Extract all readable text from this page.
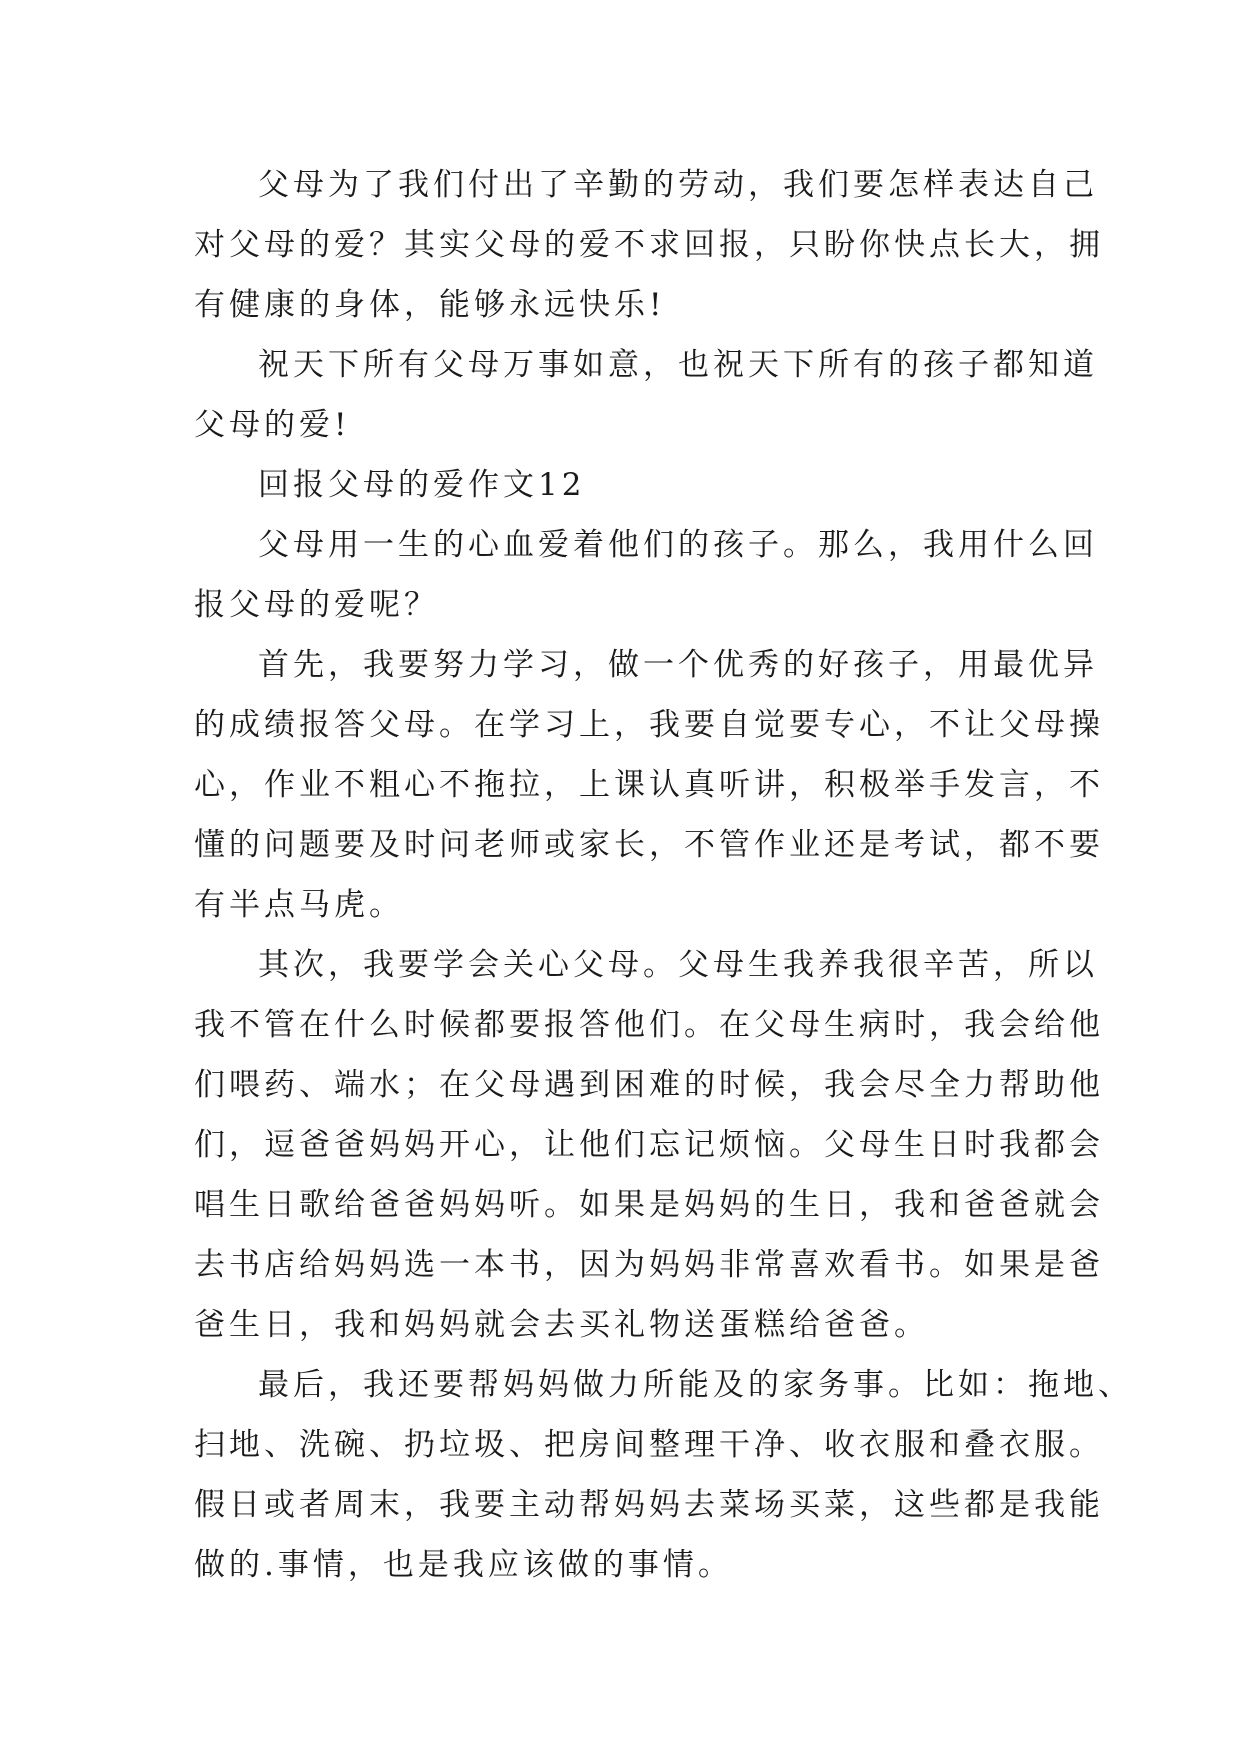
父母为了我们付出了辛勤的劳动，我们要怎样表达自己
对父母的爱？其实父母的爱不求回报，只盼你快点长大，拥
有健康的身体，能够永远快乐!
祝天下所有父母万事如意，也祝天下所有的孩子都知道
父母的爱!
回报父母的爱作文12
父母用一生的心血爱着他们的孩子。那么，我用什么回
报父母的爱呢？
首先，我要努力学习，做一个优秀的好孩子，用最优异
的成绩报答父母。在学习上，我要自觉要专心，不让父母操
心，作业不粗心不拖拉，上课认真听讲，积极举手发言，不
懂的问题要及时问老师或家长，不管作业还是考试，都不要
有半点马虎。
其次，我要学会关心父母。父母生我养我很辛苦，所以
我不管在什么时候都要报答他们。在父母生病时，我会给他
们喂药、端水；在父母遇到困难的时候，我会尽全力帮助他
们，逗爸爸妈妈开心，让他们忘记烦恼。父母生日时我都会
唱生日歌给爸爸妈妈听。如果是妈妈的生日，我和爸爸就会
去书店给妈妈选一本书，因为妈妈非常喜欢看书。如果是爸
爸生日，我和妈妈就会去买礼物送蛋糕给爸爸。
最后，我还要帮妈妈做力所能及的家务事。比如：拖地、
扫地、洗碗、扔垃圾、把房间整理干净、收衣服和叠衣服。
假日或者周末，我要主动帮妈妈去菜场买菜，这些都是我能
做的.事情，也是我应该做的事情。
